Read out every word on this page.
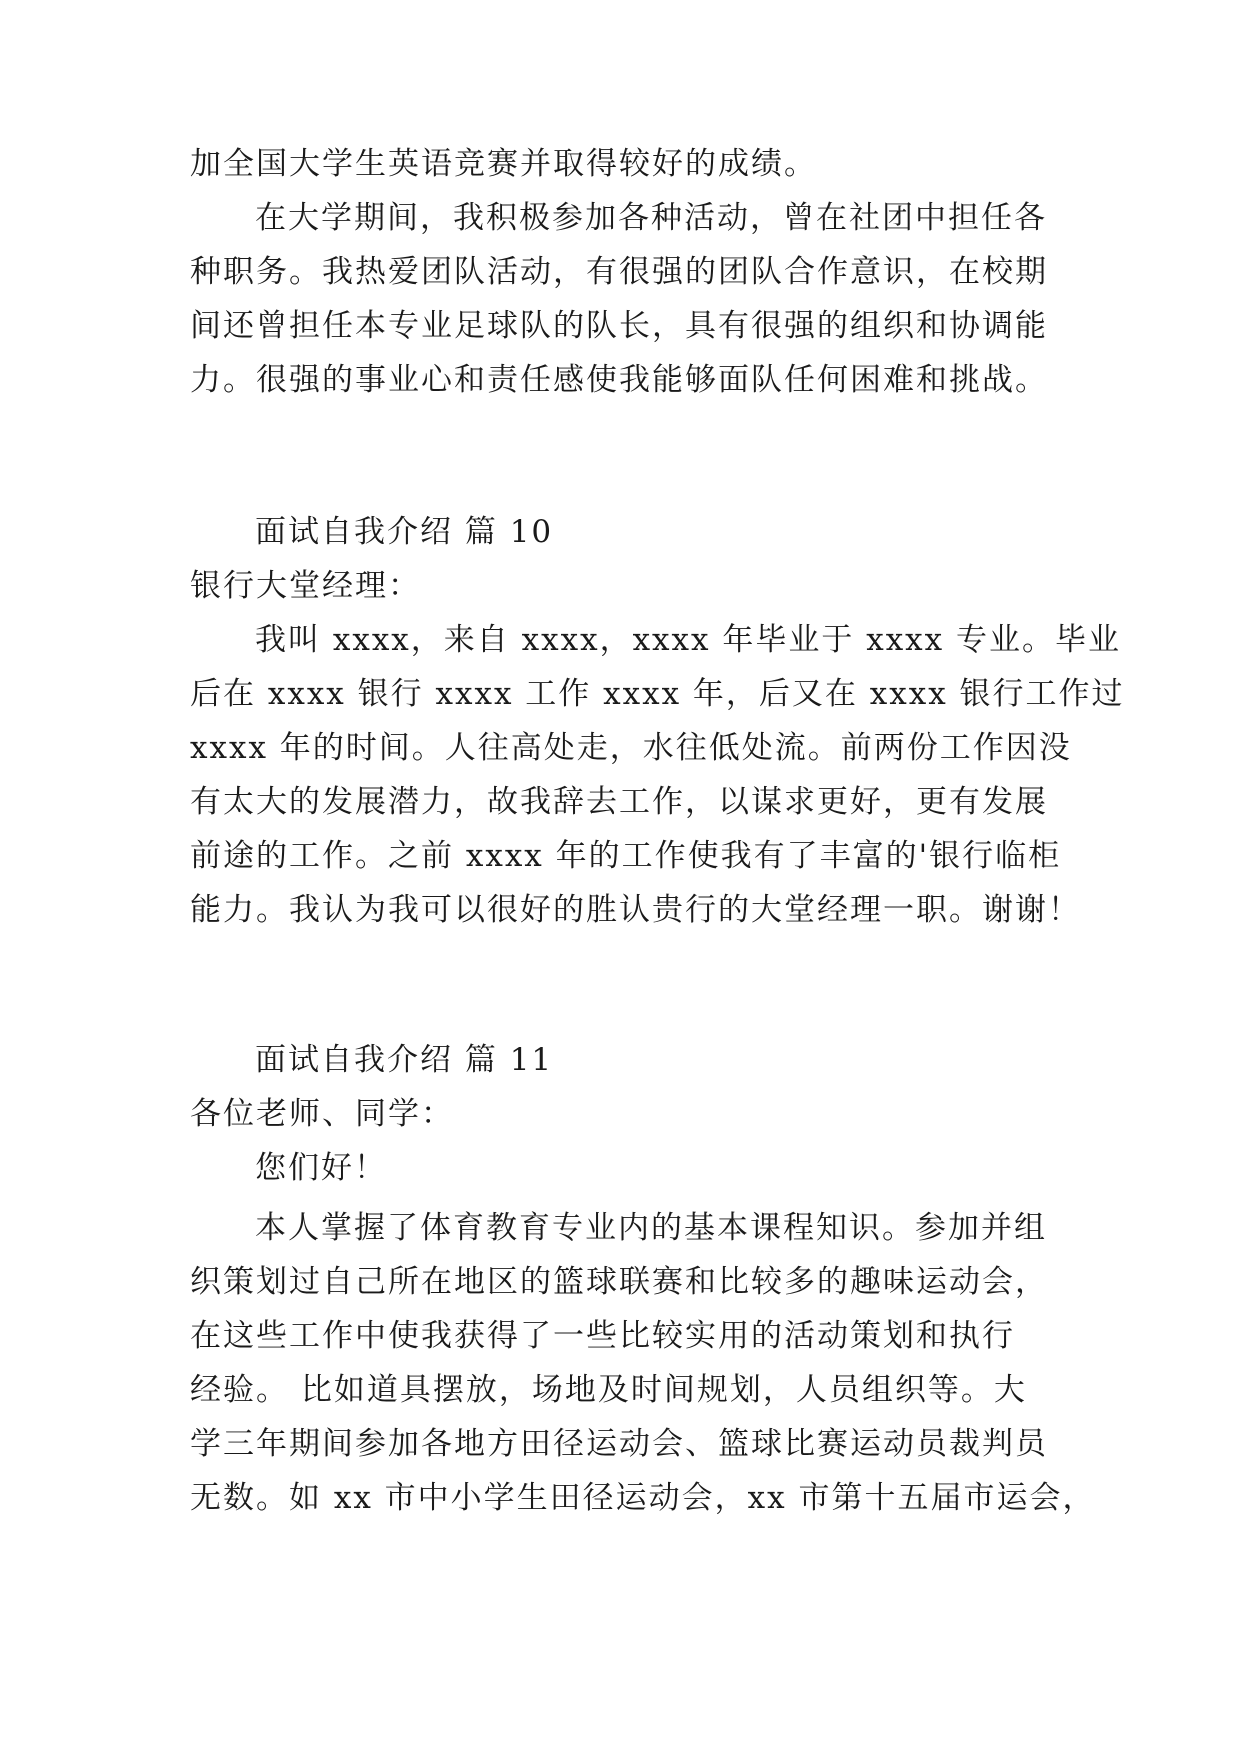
加全国大学生英语竞赛并取得较好的成绩。
在大学期间，我积极参加各种活动，曾在社团中担任各
种职务。我热爱团队活动，有很强的团队合作意识，在校期
间还曾担任本专业足球队的队长，具有很强的组织和协调能
力。很强的事业心和责任感使我能够面队任何困难和挑战。
面试自我介绍 篇 10
银行大堂经理：
我叫 xxxx，来自 xxxx，xxxx 年毕业于 xxxx 专业。毕业
后在 xxxx 银行 xxxx 工作 xxxx 年，后又在 xxxx 银行工作过
xxxx 年的时间。人往高处走，水往低处流。前两份工作因没
有太大的发展潜力，故我辞去工作，以谋求更好，更有发展
前途的工作。之前 xxxx 年的工作使我有了丰富的'银行临柜
能力。我认为我可以很好的胜认贵行的大堂经理一职。谢谢！
面试自我介绍 篇 11
各位老师、同学：
您们好！
本人掌握了体育教育专业内的基本课程知识。参加并组
织策划过自己所在地区的篮球联赛和比较多的趣味运动会，
在这些工作中使我获得了一些比较实用的活动策划和执行
经验。 比如道具摆放，场地及时间规划，人员组织等。大
学三年期间参加各地方田径运动会、篮球比赛运动员裁判员
无数。如 xx 市中小学生田径运动会，xx 市第十五届市运会，
